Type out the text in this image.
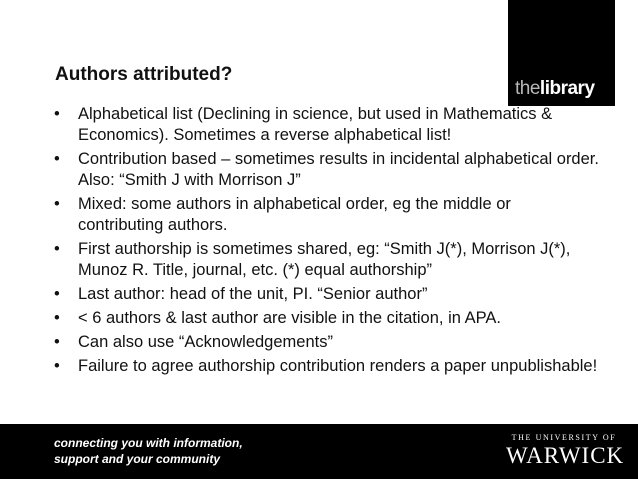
thelibrary
Authors attributed?
•	Alphabetical list (Declining in science, but used in Mathematics & Economics). Sometimes a reverse alphabetical list!
•	Contribution based – sometimes results in incidental alphabetical order. Also: “Smith J with Morrison J”
•	Mixed: some authors in alphabetical order, eg the middle or contributing authors.
•	First authorship is sometimes shared, eg: “Smith J(*), Morrison J(*), Munoz R. Title, journal, etc. (*) equal authorship”
•	Last author: head of the unit, PI. “Senior author”
•	< 6 authors & last author are visible in the citation, in APA.
•	Can also use “Acknowledgements”
•	Failure to agree authorship contribution renders a paper unpublishable!
connecting you with information,
support and your community
THE UNIVERSITY OF
WARWICK
